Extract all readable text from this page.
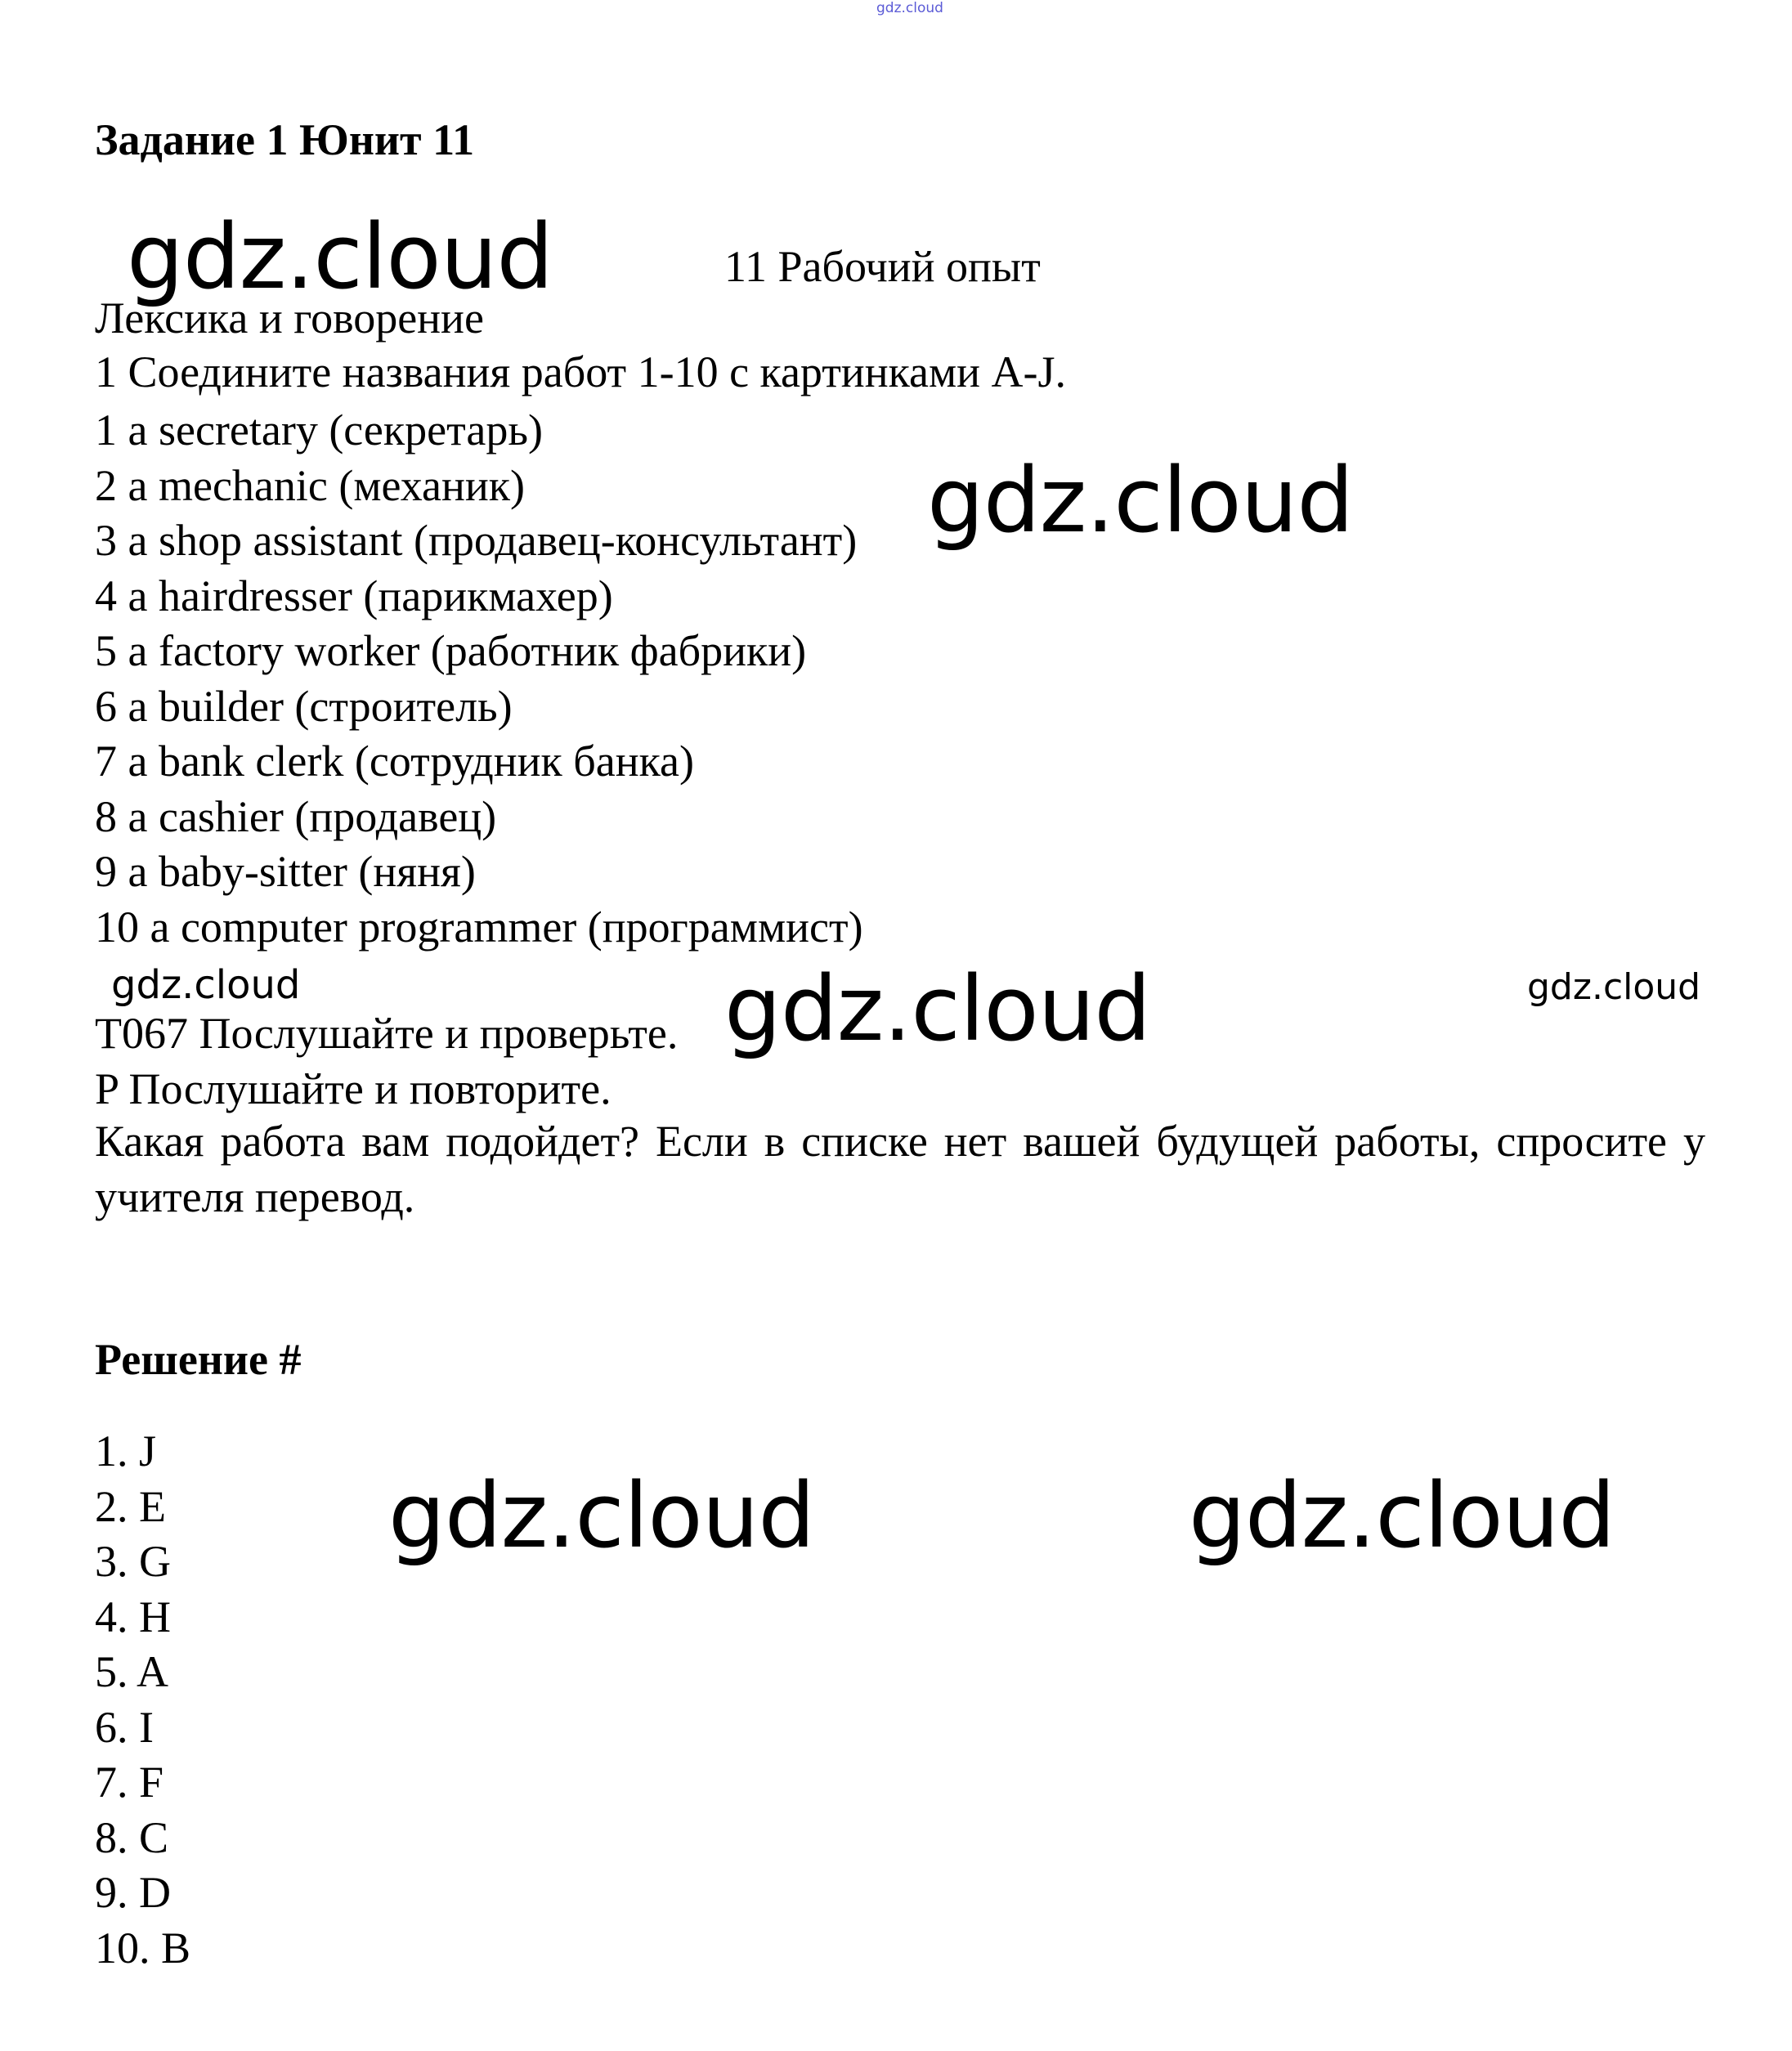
gdz.cloud
Задание 1 Юнит 11
gdz.cloud	11 Рабочий опыт
Лексика и говорение
1 Соедините названия работ 1-10 с картинками A-J.
1 a secretary (секретарь)
2 a mechanic (механик)
3 a shop assistant (продавец-консультант)
4 a hairdresser (парикмахер)
5 a factory worker (работник фабрики)
6 a builder (строитель)
7 a bank clerk (сотрудник банка)
8 a cashier (продавец)
9 a baby-sitter (няня)
10 a computer programmer (программист)
gdz.cloud
gdz.cloud	gdz.cloud
T067 Послушайте и проверьте. gdz.cloud
P Послушайте и повторите.
Какая работа вам подойдет? Если в списке нет вашей будущей работы, спросите у учителя перевод.
Решение #
1. J
2. E
3. G
4. H
5. A
6. I
7. F
8. C
9. D
10. B
gdz.cloud	gdz.cloud
